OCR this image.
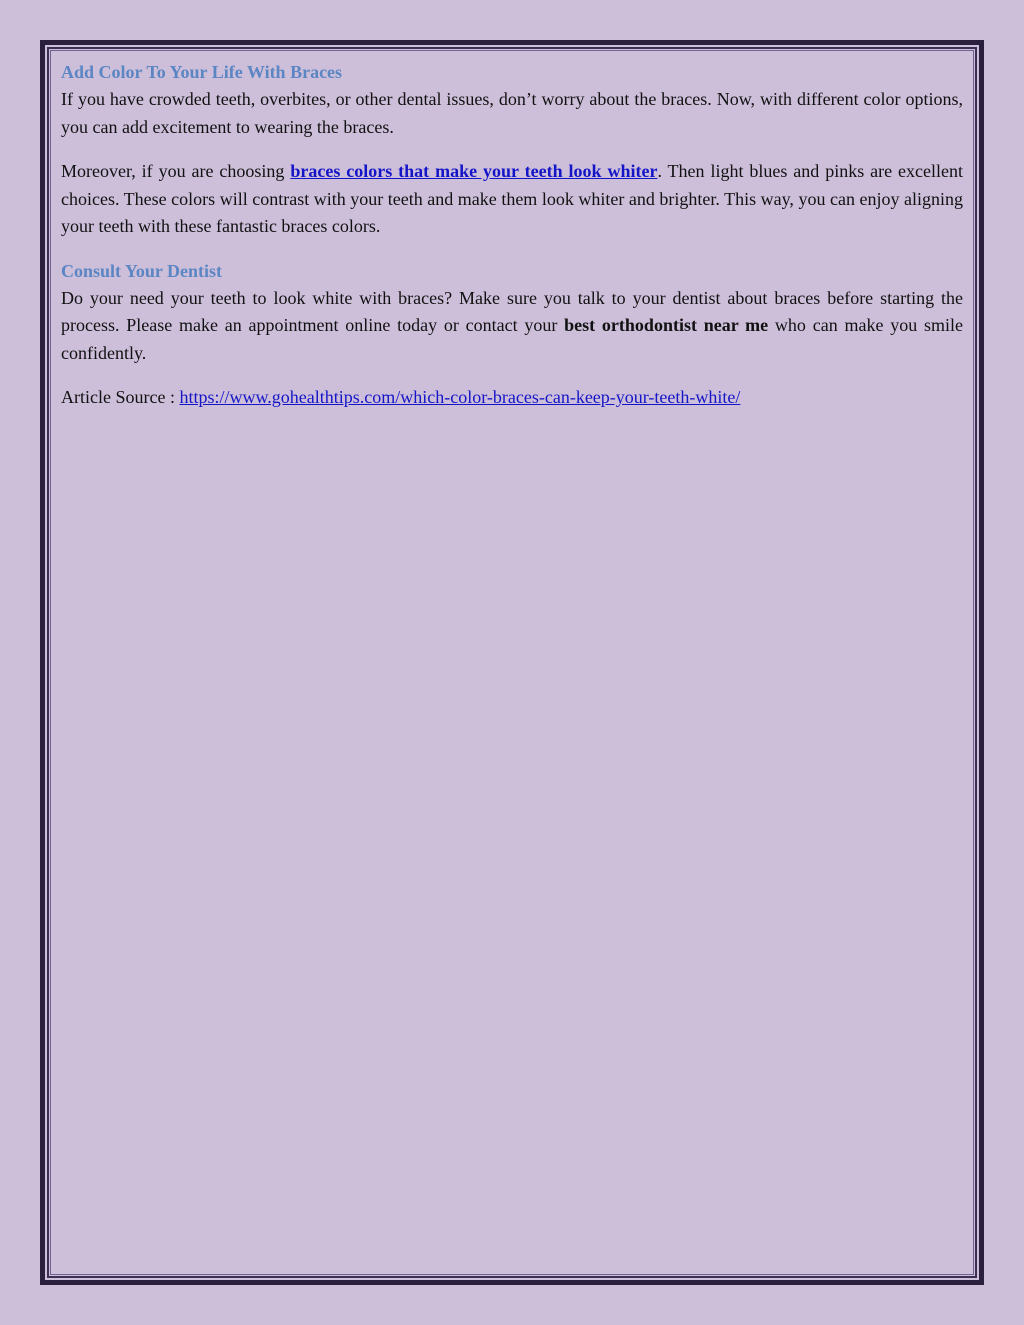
Add Color To Your Life With Braces

If you have crowded teeth, overbites, or other dental issues, don’t worry about the braces. Now, with different color options, you can add excitement to wearing the braces.

Moreover, if you are choosing braces colors that make your teeth look whiter. Then light blues and pinks are excellent choices. These colors will contrast with your teeth and make them look whiter and brighter. This way, you can enjoy aligning your teeth with these fantastic braces colors.

Consult Your Dentist

Do your need your teeth to look white with braces? Make sure you talk to your dentist about braces before starting the process. Please make an appointment online today or contact your best orthodontist near me who can make you smile confidently.

Article Source : https://www.gohealthtips.com/which-color-braces-can-keep-your-teeth-white/
